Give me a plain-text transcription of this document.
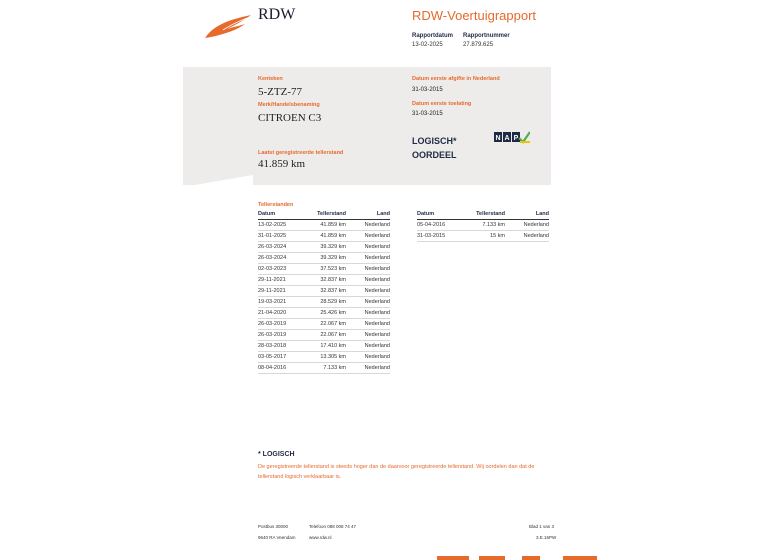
RDW	RDW-Voertuigrapport
Rapportdatum
13-02-2025
Rapportnummer
27.879.625
Kenteken
5-ZTZ-77
Merk/Handelsbenaming
CITROEN C3
Laatst geregistreerde tellerstand
41.859 km
Datum eerste afgifte in Nederland
31-03-2015
Datum eerste toelating
31-03-2015
LOGISCH*
OORDEEL
N A P
Tellerstanden
Datum	Tellerstand	Land
13-02-2025	41.859 km	Nederland
31-01-2025	41.859 km	Nederland
26-03-2024	39.329 km	Nederland
26-03-2024	39.329 km	Nederland
02-03-2023	37.523 km	Nederland
29-11-2021	32.837 km	Nederland
29-11-2021	32.837 km	Nederland
19-03-2021	28.529 km	Nederland
21-04-2020	25.426 km	Nederland
26-03-2019	22.067 km	Nederland
26-03-2019	22.067 km	Nederland
28-03-2018	17.410 km	Nederland
03-05-2017	13.305 km	Nederland
08-04-2016	7.133 km	Nederland
Datum	Tellerstand	Land
05-04-2016	7.133 km	Nederland
31-03-2015	15 km	Nederland
* LOGISCH
De geregistreerde tellerstand is steeds hoger dan de daarvoor geregistreerde tellerstand. Wij oordelen dan dat de tellerstand logisch verklaarbaar is.
Postbus 30000
9640 RA Veendam
Telefoon 088 008 74 47
www.rdw.nl
Blad 1 van 3
3.E.16PW
